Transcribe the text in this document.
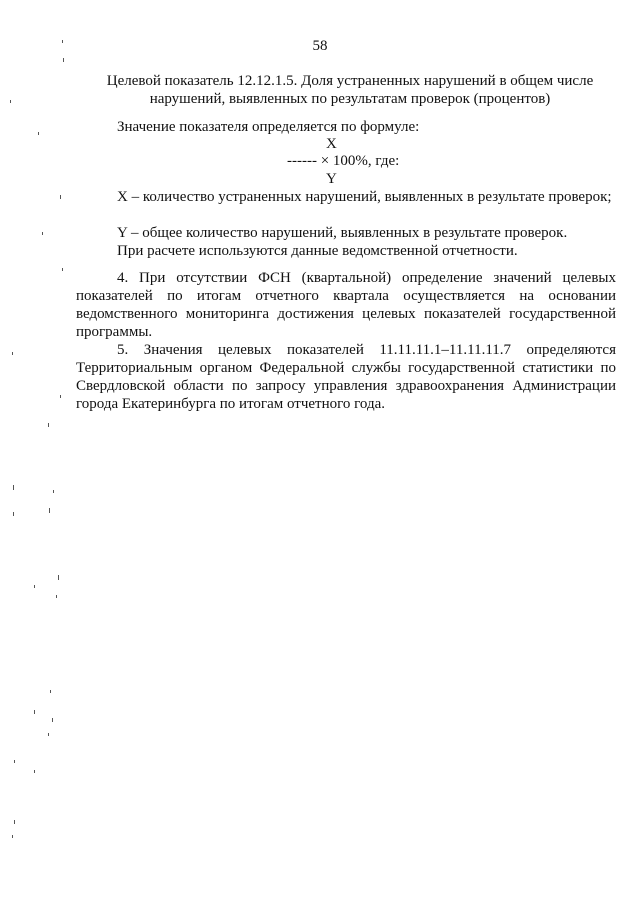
58
Целевой показатель 12.12.1.5. Доля устраненных нарушений в общем числе
нарушений, выявленных по результатам проверок (процентов)

Значение показателя определяется по формуле:

X
------ × 100%, где:
Y

X – количество устраненных нарушений, выявленных в результате проверок;

Y – общее количество нарушений, выявленных в результате проверок.

При расчете используются данные ведомственной отчетности.

4. При отсутствии ФСН (квартальной) определение значений целевых показателей по итогам отчетного квартала осуществляется на основании ведомственного мониторинга достижения целевых показателей государственной программы.

5. Значения целевых показателей 11.11.11.1–11.11.11.7 определяются Территориальным органом Федеральной службы государственной статистики по Свердловской области по запросу управления здравоохранения Администрации города Екатеринбурга по итогам отчетного года.
